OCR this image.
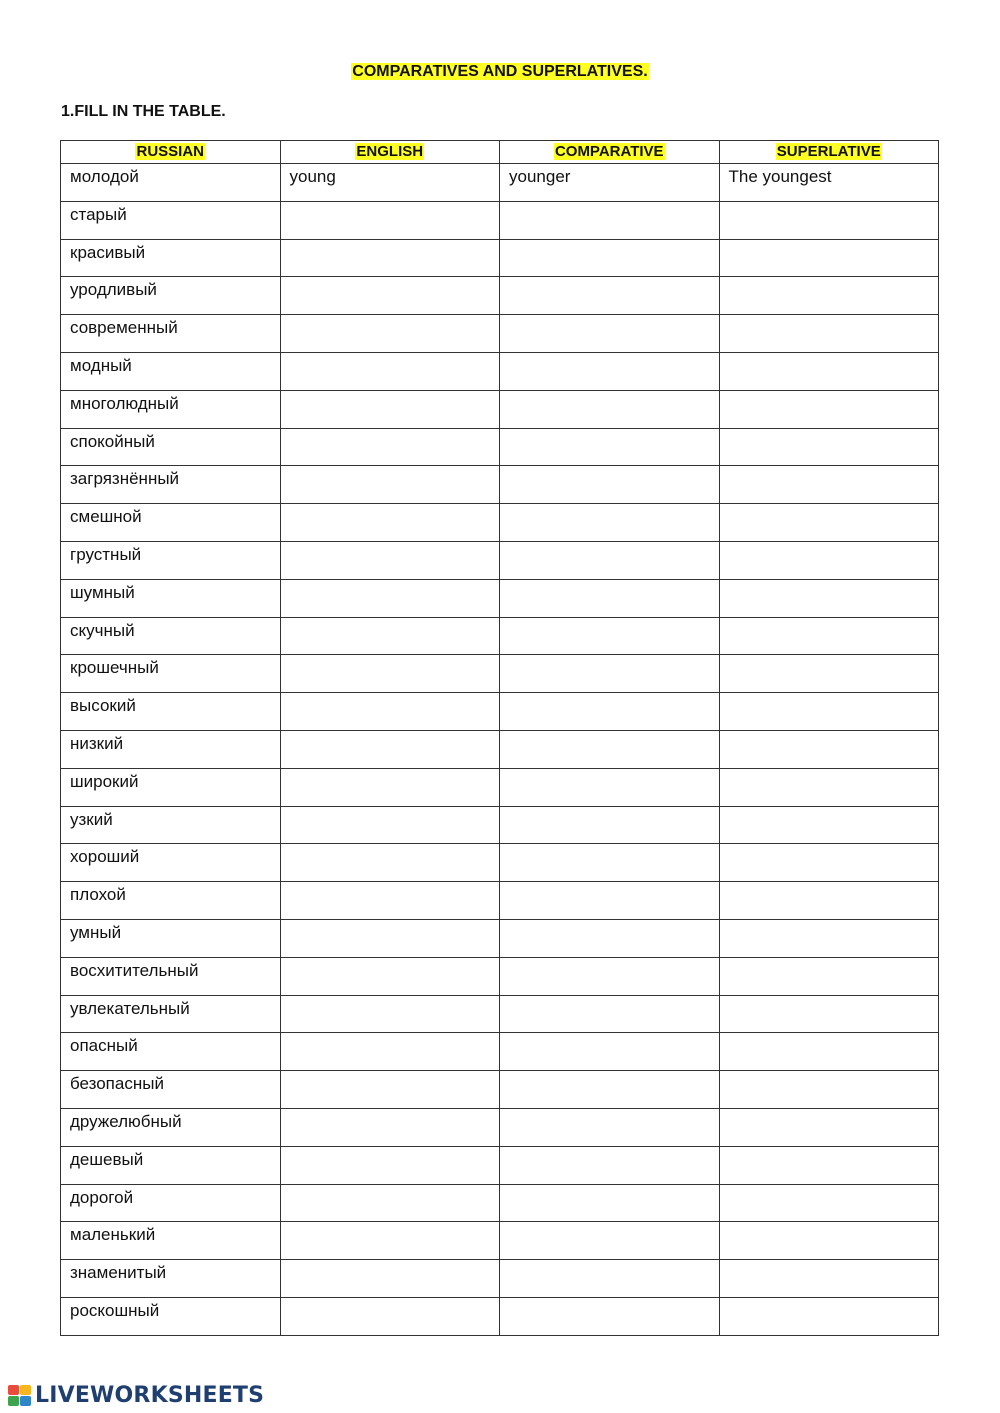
COMPARATIVES AND SUPERLATIVES.
1.FILL IN THE TABLE.
RUSSIAN	ENGLISH	COMPARATIVE	SUPERLATIVE
молодой	young	younger	The youngest
старый			
красивый			
уродливый			
современный			
модный			
многолюдный			
спокойный			
загрязнённый			
смешной			
грустный			
шумный			
скучный			
крошечный			
высокий			
низкий			
широкий			
узкий			
хороший			
плохой			
умный			
восхитительный			
увлекательный			
опасный			
безопасный			
дружелюбный			
дешевый			
дорогой			
маленький			
знаменитый			
роскошный			
LIVEWORKSHEETS
